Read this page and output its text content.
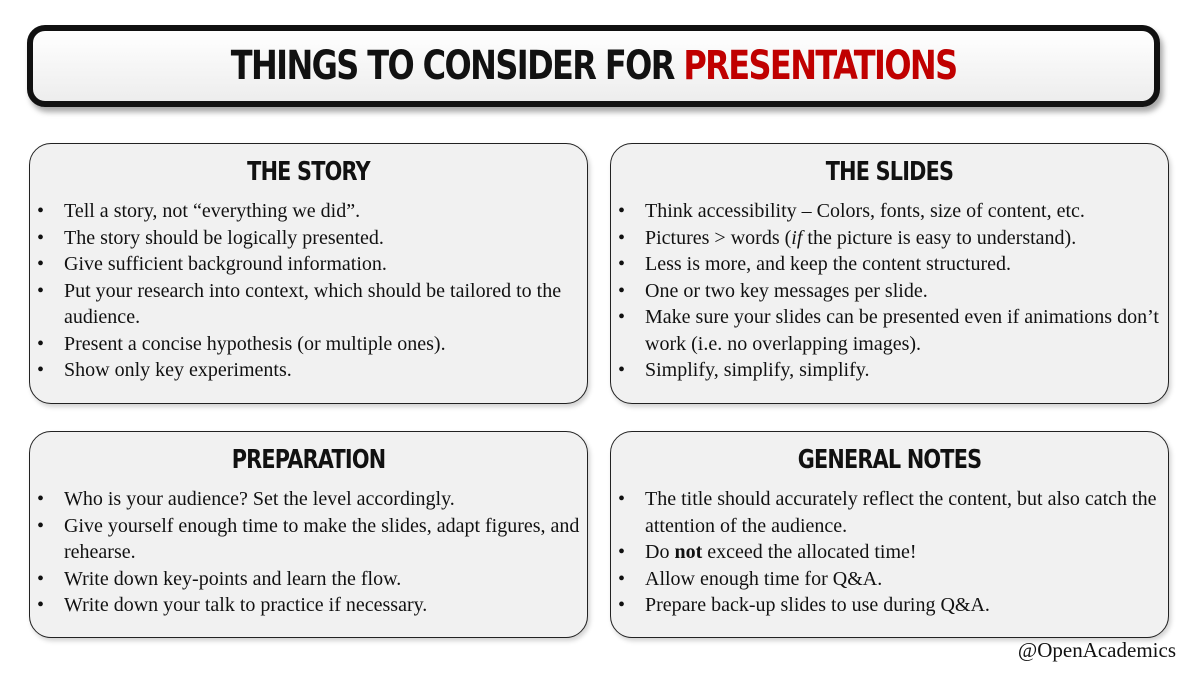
THINGS TO CONSIDER FOR PRESENTATIONS
THE STORY
• Tell a story, not “everything we did”.
• The story should be logically presented.
• Give sufficient background information.
• Put your research into context, which should be tailored to the audience.
• Present a concise hypothesis (or multiple ones).
• Show only key experiments.
THE SLIDES
• Think accessibility – Colors, fonts, size of content, etc.
• Pictures > words (if the picture is easy to understand).
• Less is more, and keep the content structured.
• One or two key messages per slide.
• Make sure your slides can be presented even if animations don’t work (i.e. no overlapping images).
• Simplify, simplify, simplify.
PREPARATION
• Who is your audience? Set the level accordingly.
• Give yourself enough time to make the slides, adapt figures, and rehearse.
• Write down key-points and learn the flow.
• Write down your talk to practice if necessary.
GENERAL NOTES
• The title should accurately reflect the content, but also catch the attention of the audience.
• Do not exceed the allocated time!
• Allow enough time for Q&A.
• Prepare back-up slides to use during Q&A.
@OpenAcademics
